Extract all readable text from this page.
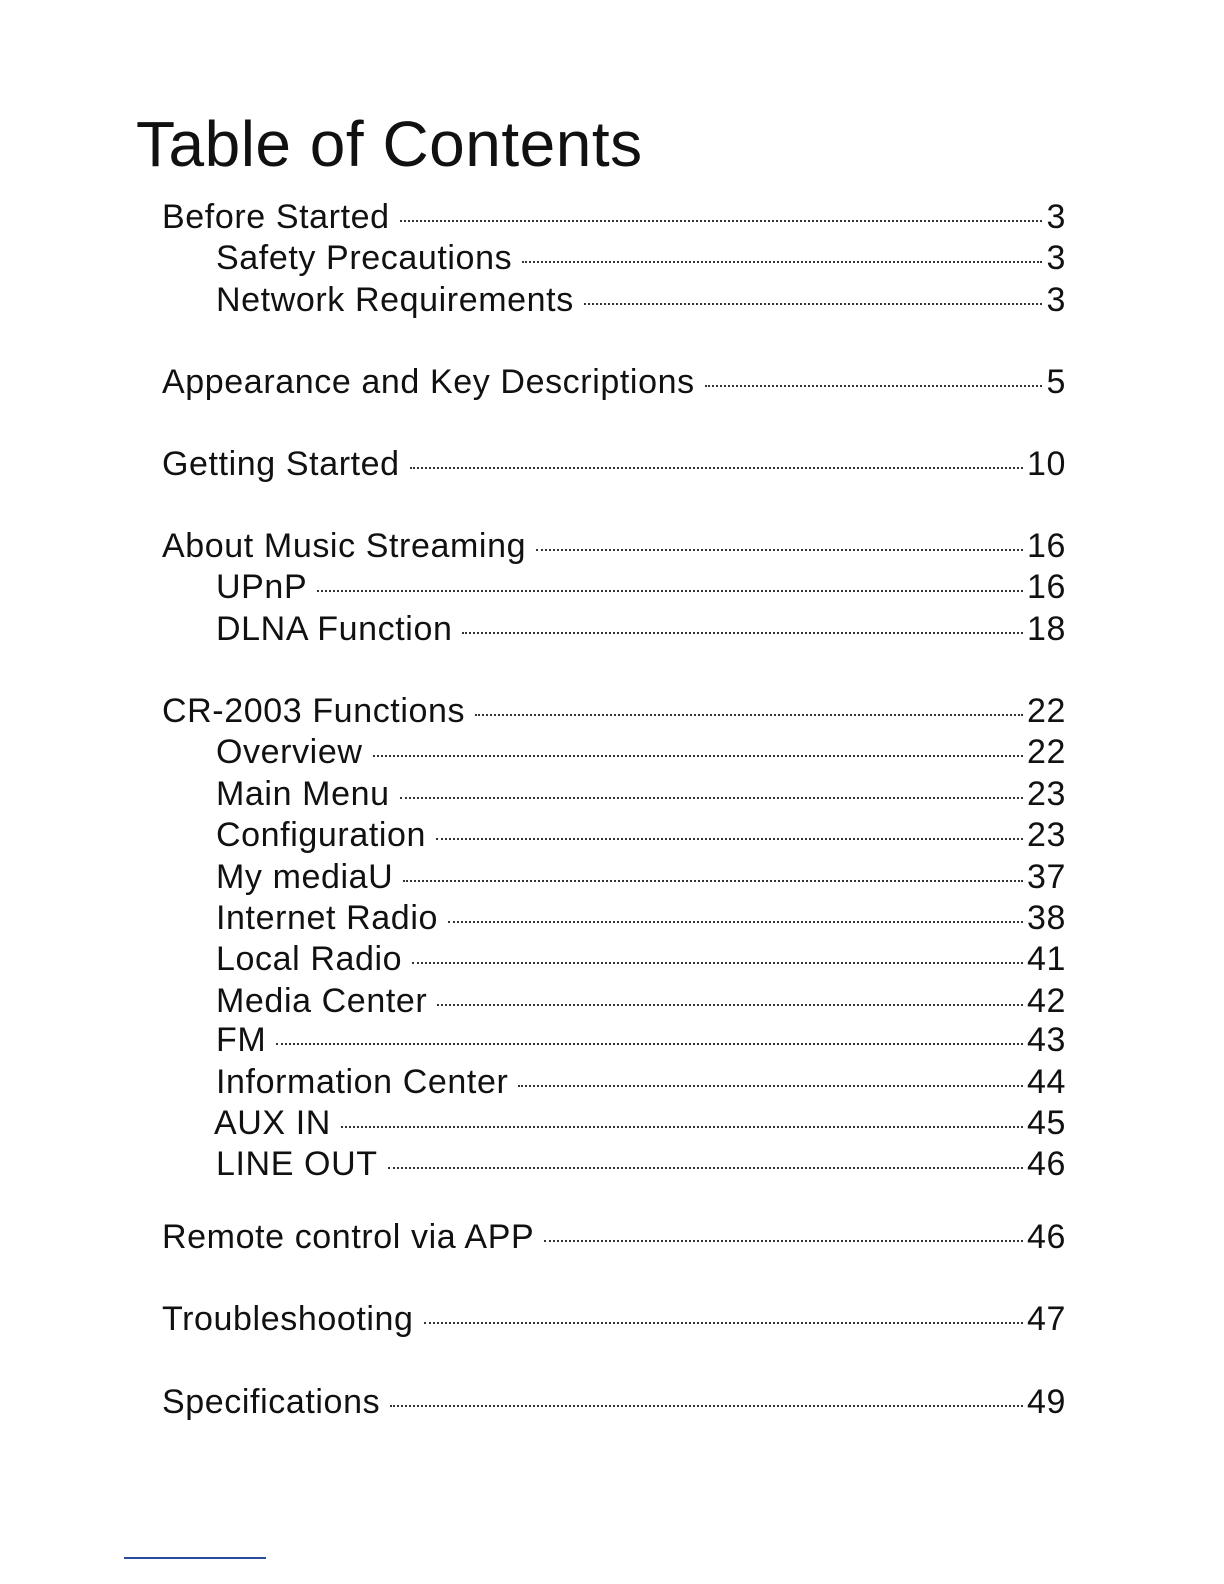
Table of Contents
Before Started	3
Safety Precautions	3
Network Requirements	3
Appearance and Key Descriptions	5
Getting Started	10
About Music Streaming	16
UPnP	16
DLNA Function	18
CR-2003 Functions	22
Overview	22
Main Menu	23
Configuration	23
My mediaU	37
Internet Radio	38
Local Radio	41
Media Center	42
FM	43
Information Center	44
AUX IN	45
LINE OUT	46
Remote control via APP	46
Troubleshooting	47
Specifications	49
